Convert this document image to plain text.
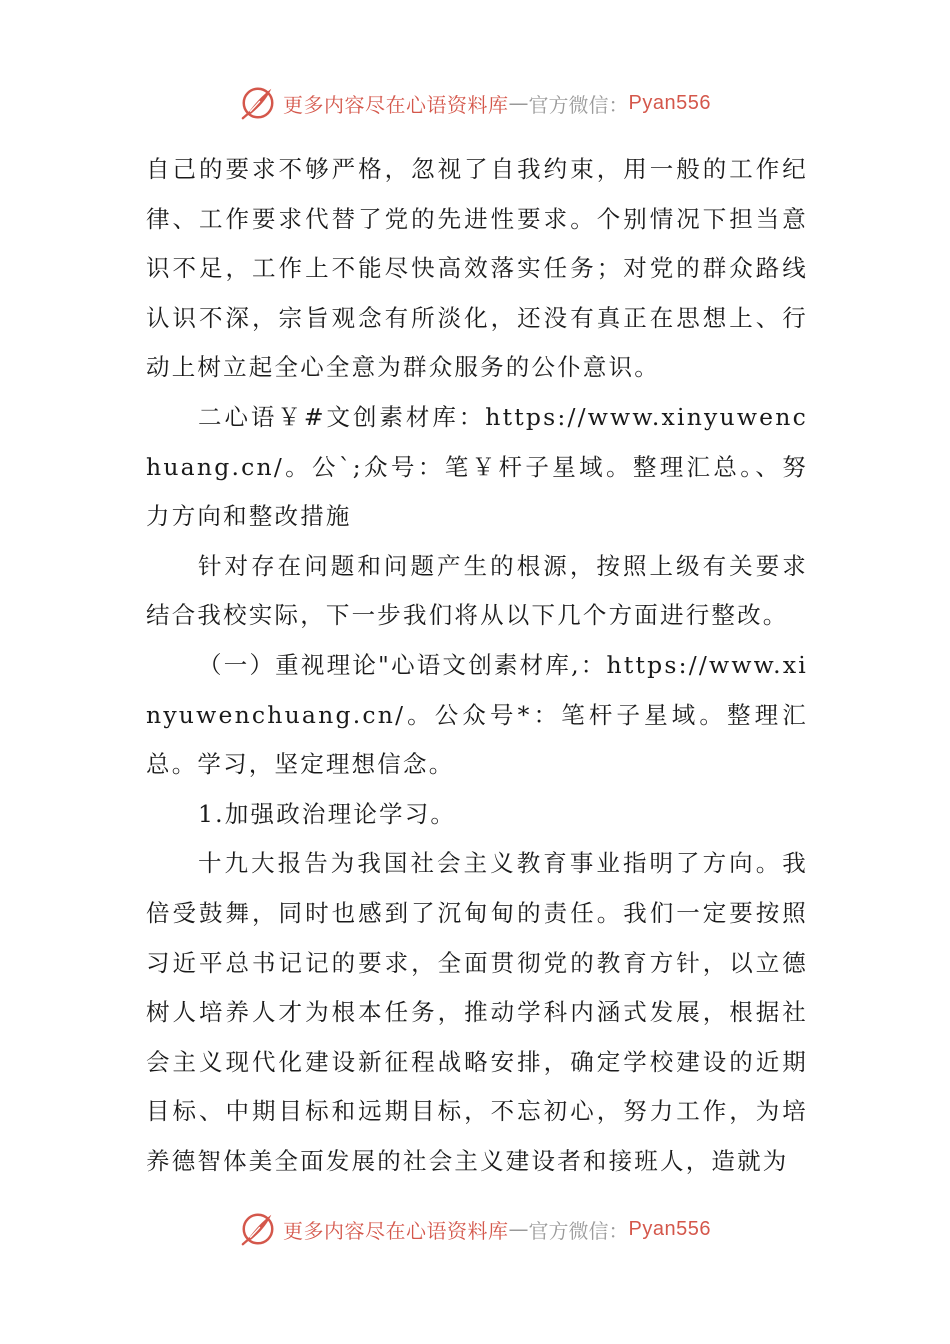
更多内容尽在心语资料库 — 官方微信： Pyan556

自己的要求不够严格，忽视了自我约束，用一般的工作纪律、工作要求代替了党的先进性要求。个别情况下担当意识不足，工作上不能尽快高效落实任务；对党的群众路线认识不深，宗旨观念有所淡化，还没有真正在思想上、行动上树立起全心全意为群众服务的公仆意识。

二心语￥#文创素材库：https://www.xinyuwenchuang.cn/。公`;众号：笔￥杆子星域。整理汇总。、努力方向和整改措施

针对存在问题和问题产生的根源，按照上级有关要求结合我校实际，下一步我们将从以下几个方面进行整改。

（一）重视理论"心语文创素材库,：https://www.xinyuwenchuang.cn/。公众号*：笔杆子星域。整理汇总。学习，坚定理想信念。

1.加强政治理论学习。

十九大报告为我国社会主义教育事业指明了方向。我倍受鼓舞，同时也感到了沉甸甸的责任。我们一定要按照习近平总书记记的要求，全面贯彻党的教育方针，以立德树人培养人才为根本任务，推动学科内涵式发展，根据社会主义现代化建设新征程战略安排，确定学校建设的近期目标、中期目标和远期目标，不忘初心，努力工作，为培养德智体美全面发展的社会主义建设者和接班人，造就为

更多内容尽在心语资料库 — 官方微信： Pyan556
